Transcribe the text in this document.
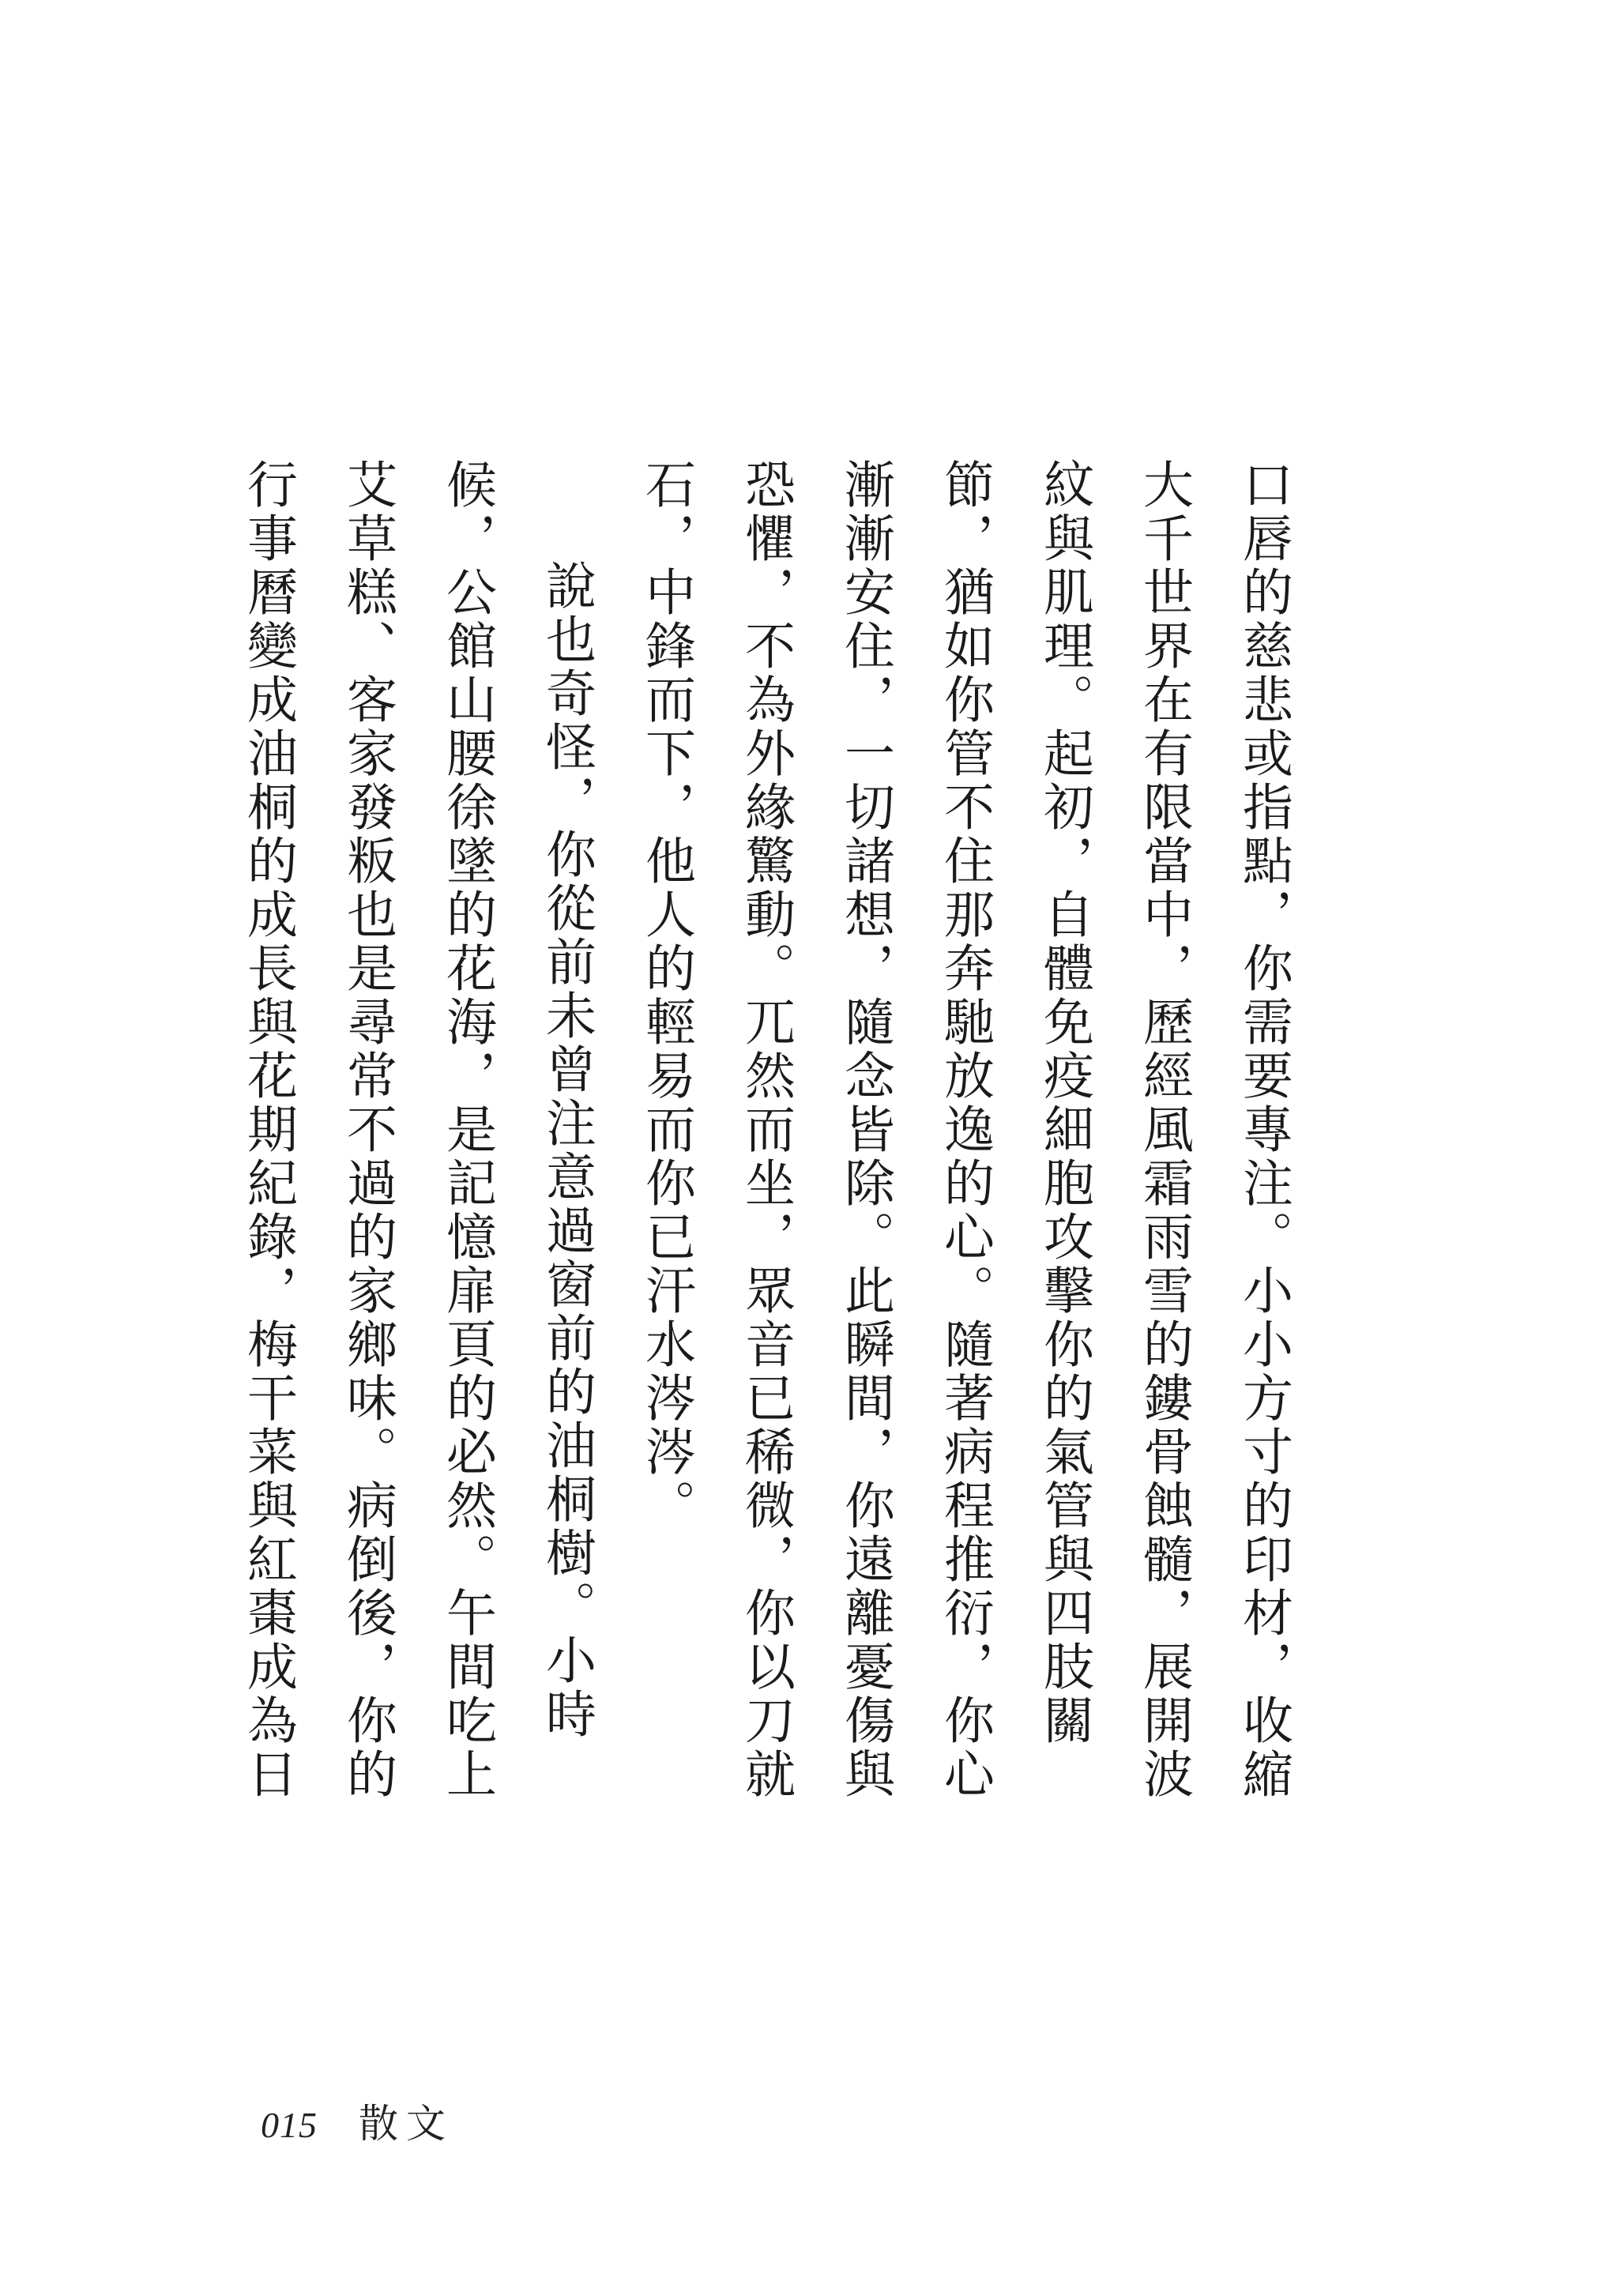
口唇的慈悲或指點，你需要專注。小小方寸的印材，收縮大千世界在有限當中，歷經風霜雨雪的鏤骨蝕髓，展開波紋與肌理。起初，自體免疫細胞攻擊你的氣管與四肢關節，猶如你管不住那奔馳放逸的心。隨著病程推衍，你心漸漸安住，一切諸想，隨念皆除。此瞬間，你遠離憂傷與恐懼，不為外緣驚動。兀然而坐，眾音已稀微，你以刀就石，中鋒而下，他人的輕易而你已汗水涔涔。

說也奇怪，你從前未曾注意過窗前的油桐樹。小時候，公館山腰徐墜的花海，是記憶扉頁的必然。午間吃上艾草糕、客家發粄也是尋常不過的家鄉味。病倒後，你的行事曆變成油桐的成長與花期紀錄，梅干菜與紅棗成為日

015 散文
